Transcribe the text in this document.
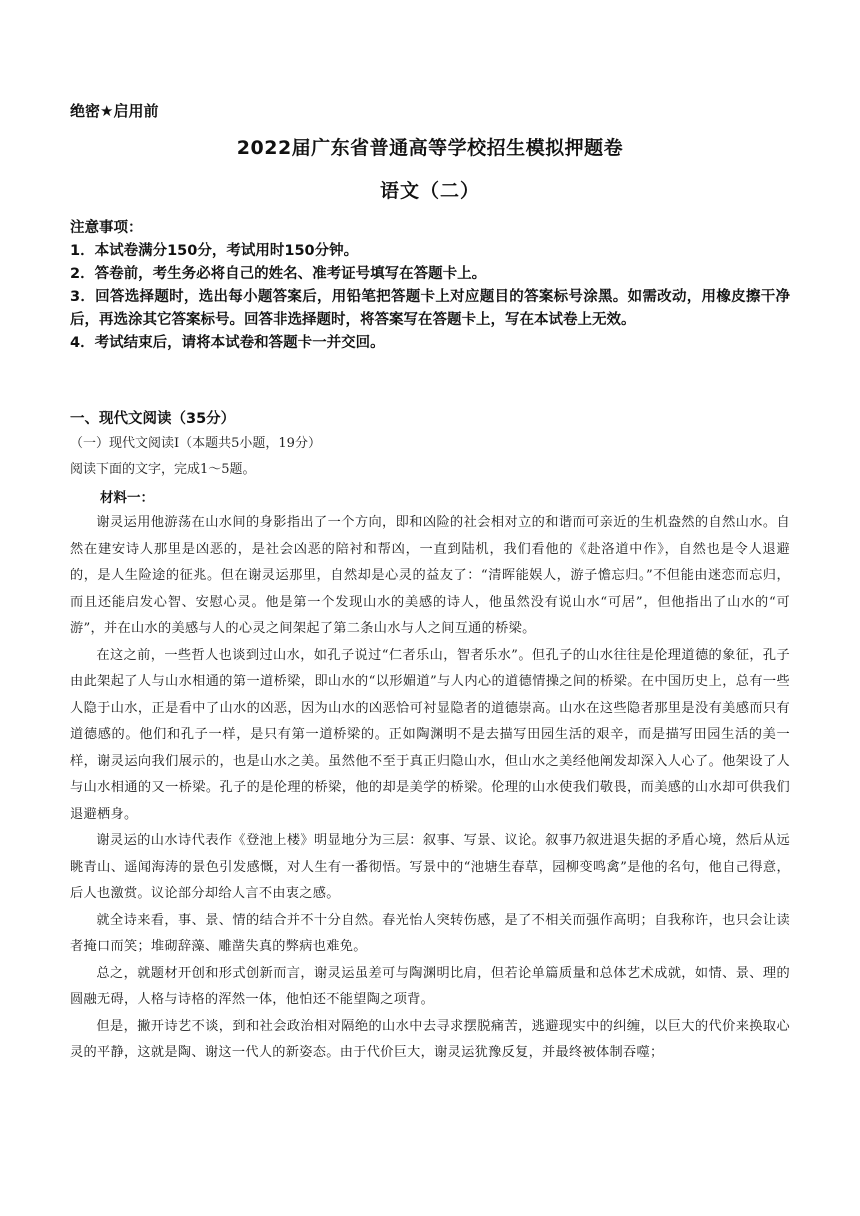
绝密★启用前
2022届广东省普通高等学校招生模拟押题卷
语文（二）

注意事项：

1．本试卷满分150分，考试用时150分钟。

2．答卷前，考生务必将自己的姓名、准考证号填写在答题卡上。

3．回答选择题时，选出每小题答案后，用铅笔把答题卡上对应题目的答案标号涂黑。如需改动，用橡皮擦干净后，再选涂其它答案标号。回答非选择题时，将答案写在答题卡上，写在本试卷上无效。

4．考试结束后，请将本试卷和答题卡一并交回。

一、现代文阅读（35分）
（一）现代文阅读Ⅰ（本题共5小题，19分）
阅读下面的文字，完成1～5题。
材料一：

谢灵运用他游荡在山水间的身影指出了一个方向，即和凶险的社会相对立的和谐而可亲近的生机盎然的自然山水。自然在建安诗人那里是凶恶的，是社会凶恶的陪衬和帮凶，一直到陆机，我们看他的《赴洛道中作》，自然也是令人退避的，是人生险途的征兆。但在谢灵运那里，自然却是心灵的益友了：“清晖能娱人，游子憺忘归。”不但能由迷恋而忘归，而且还能启发心智、安慰心灵。他是第一个发现山水的美感的诗人，他虽然没有说山水“可居”，但他指出了山水的“可游”，并在山水的美感与人的心灵之间架起了第二条山水与人之间互通的桥梁。

在这之前，一些哲人也谈到过山水，如孔子说过“仁者乐山，智者乐水”。但孔子的山水往往是伦理道德的象征，孔子由此架起了人与山水相通的第一道桥梁，即山水的“以形媚道”与人内心的道德情操之间的桥梁。在中国历史上，总有一些人隐于山水，正是看中了山水的凶恶，因为山水的凶恶恰可衬显隐者的道德崇高。山水在这些隐者那里是没有美感而只有道德感的。他们和孔子一样，是只有第一道桥梁的。正如陶渊明不是去描写田园生活的艰辛，而是描写田园生活的美一样，谢灵运向我们展示的，也是山水之美。虽然他不至于真正归隐山水，但山水之美经他阐发却深入人心了。他架设了人与山水相通的又一桥梁。孔子的是伦理的桥梁，他的却是美学的桥梁。伦理的山水使我们敬畏，而美感的山水却可供我们退避栖身。

谢灵运的山水诗代表作《登池上楼》明显地分为三层：叙事、写景、议论。叙事乃叙进退失据的矛盾心境，然后从远眺青山、遥闻海涛的景色引发感慨，对人生有一番彻悟。写景中的“池塘生春草，园柳变鸣禽”是他的名句，他自己得意，后人也激赏。议论部分却给人言不由衷之感。

就全诗来看，事、景、情的结合并不十分自然。春光怡人突转伤感，是了不相关而强作高明；自我称许，也只会让读者掩口而笑；堆砌辞藻、雕凿失真的弊病也难免。

总之，就题材开创和形式创新而言，谢灵运虽差可与陶渊明比肩，但若论单篇质量和总体艺术成就，如情、景、理的圆融无碍，人格与诗格的浑然一体，他怕还不能望陶之项背。

但是，撇开诗艺不谈，到和社会政治相对隔绝的山水中去寻求摆脱痛苦，逃避现实中的纠缠，以巨大的代价来换取心灵的平静，这就是陶、谢这一代人的新姿态。由于代价巨大，谢灵运犹豫反复，并最终被体制吞噬；
